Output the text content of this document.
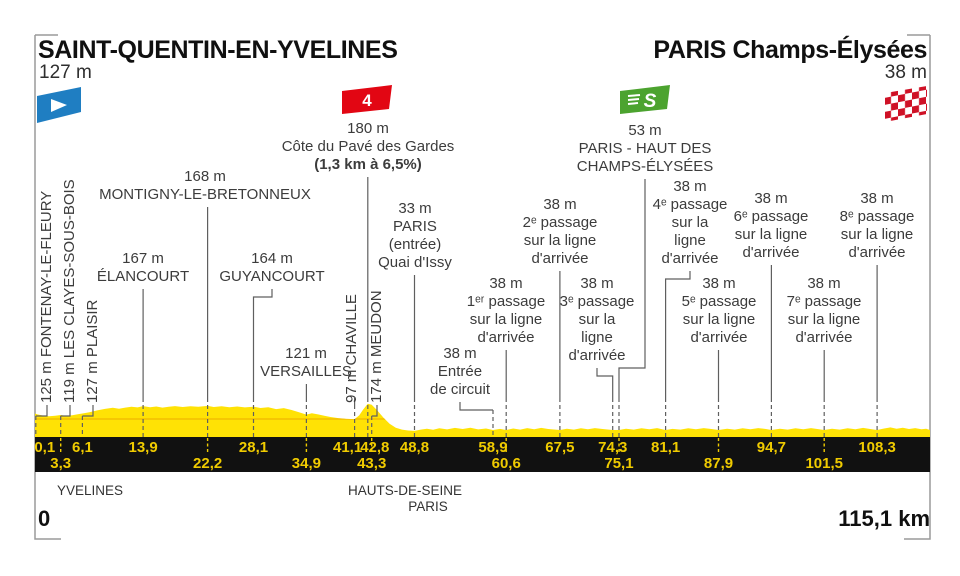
SAINT-QUENTIN-EN-YVELINES
127 m
PARIS Champs-Élysées
38 m
4	S
125 m FONTENAY-LE-FLEURY 119 m LES CLAYES-SOUS-BOIS 127 m PLAISIR
167 m
ÉLANCOURT
168 m
MONTIGNY-LE-BRETONNEUX
164 m
GUYANCOURT
121 m
VERSAILLES
97 m CHAVILLE
180 m
Côte du Pavé des Gardes
(1,3 km à 6,5%)
174 m MEUDON
33 m
PARIS
(entrée)
Quai d'Issy
38 m
Entrée
de circuit
38 m
1ᵉʳ passage
sur la ligne
d'arrivée
38 m
2ᵉ passage
sur la ligne
d'arrivée
38 m
3ᵉ passage
sur la
ligne
d'arrivée
53 m
PARIS - HAUT DES
CHAMPS-ÉLYSÉES
38 m
4ᵉ passage
sur la
ligne
d'arrivée
38 m
5ᵉ passage
sur la ligne
d'arrivée
38 m
6ᵉ passage
sur la ligne
d'arrivée
38 m
7ᵉ passage
sur la ligne
d'arrivée
38 m
8ᵉ passage
sur la ligne
d'arrivée
0,1 6,1 13,9	28,1	41,1
42,8 48,8	58,9	67,5 74,3 81,1	94,7	108,3
3,3	22,2	34,9 43,3	60,6	75,1	87,9	101,5
YVELINES	HAUTS-DE-SEINE
PARIS
0	115,1 km
